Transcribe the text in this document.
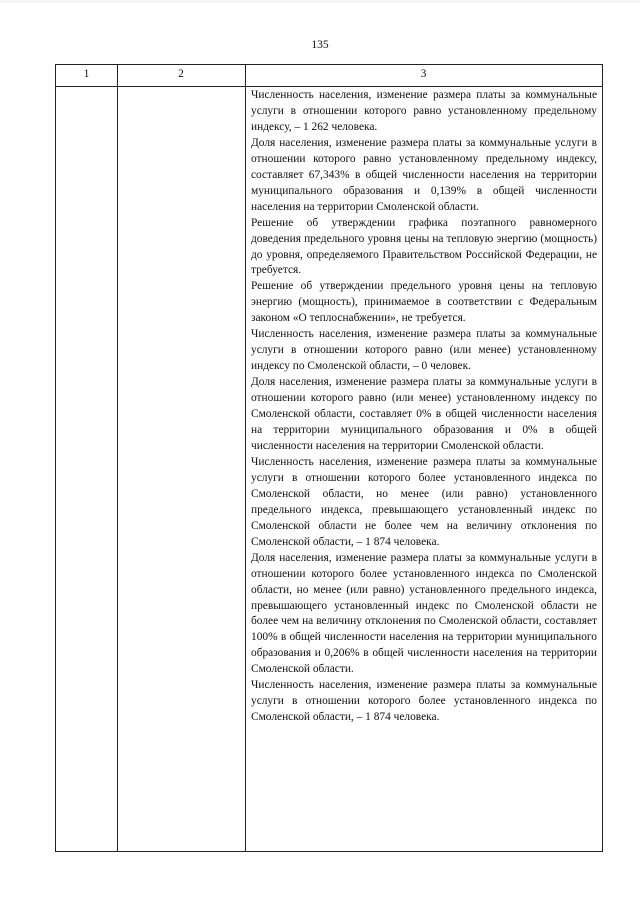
135
1	2	3

Численность населения, изменение размера платы за коммунальные услуги в отношении которого равно установленному предельному индексу, – 1 262 человека.

Доля населения, изменение размера платы за коммунальные услуги в отношении которого равно установленному предельному индексу, составляет 67,343% в общей численности населения на территории муниципального образования и 0,139% в общей численности населения на территории Смоленской области.

Решение об утверждении графика поэтапного равномерного доведения предельного уровня цены на тепловую энергию (мощность) до уровня, определяемого Правительством Российской Федерации, не требуется.

Решение об утверждении предельного уровня цены на тепловую энергию (мощность), принимаемое в соответствии с Федеральным законом «О теплоснабжении», не требуется.

Численность населения, изменение размера платы за коммунальные услуги в отношении которого равно (или менее) установленному индексу по Смоленской области, – 0 человек.

Доля населения, изменение размера платы за коммунальные услуги в отношении которого равно (или менее) установленному индексу по Смоленской области, составляет 0% в общей численности населения на территории муниципального образования и 0% в общей численности населения на территории Смоленской области.

Численность населения, изменение размера платы за коммунальные услуги в отношении которого более установленного индекса по Смоленской области, но менее (или равно) установленного предельного индекса, превышающего установленный индекс по Смоленской области не более чем на величину отклонения по Смоленской области, – 1 874 человека.

Доля населения, изменение размера платы за коммунальные услуги в отношении которого более установленного индекса по Смоленской области, но менее (или равно) установленного предельного индекса, превышающего установленный индекс по Смоленской области не более чем на величину отклонения по Смоленской области, составляет 100% в общей численности населения на территории муниципального образования и 0,206% в общей численности населения на территории Смоленской области.

Численность населения, изменение размера платы за коммунальные услуги в отношении которого более установленного индекса по Смоленской области, – 1 874 человека.
